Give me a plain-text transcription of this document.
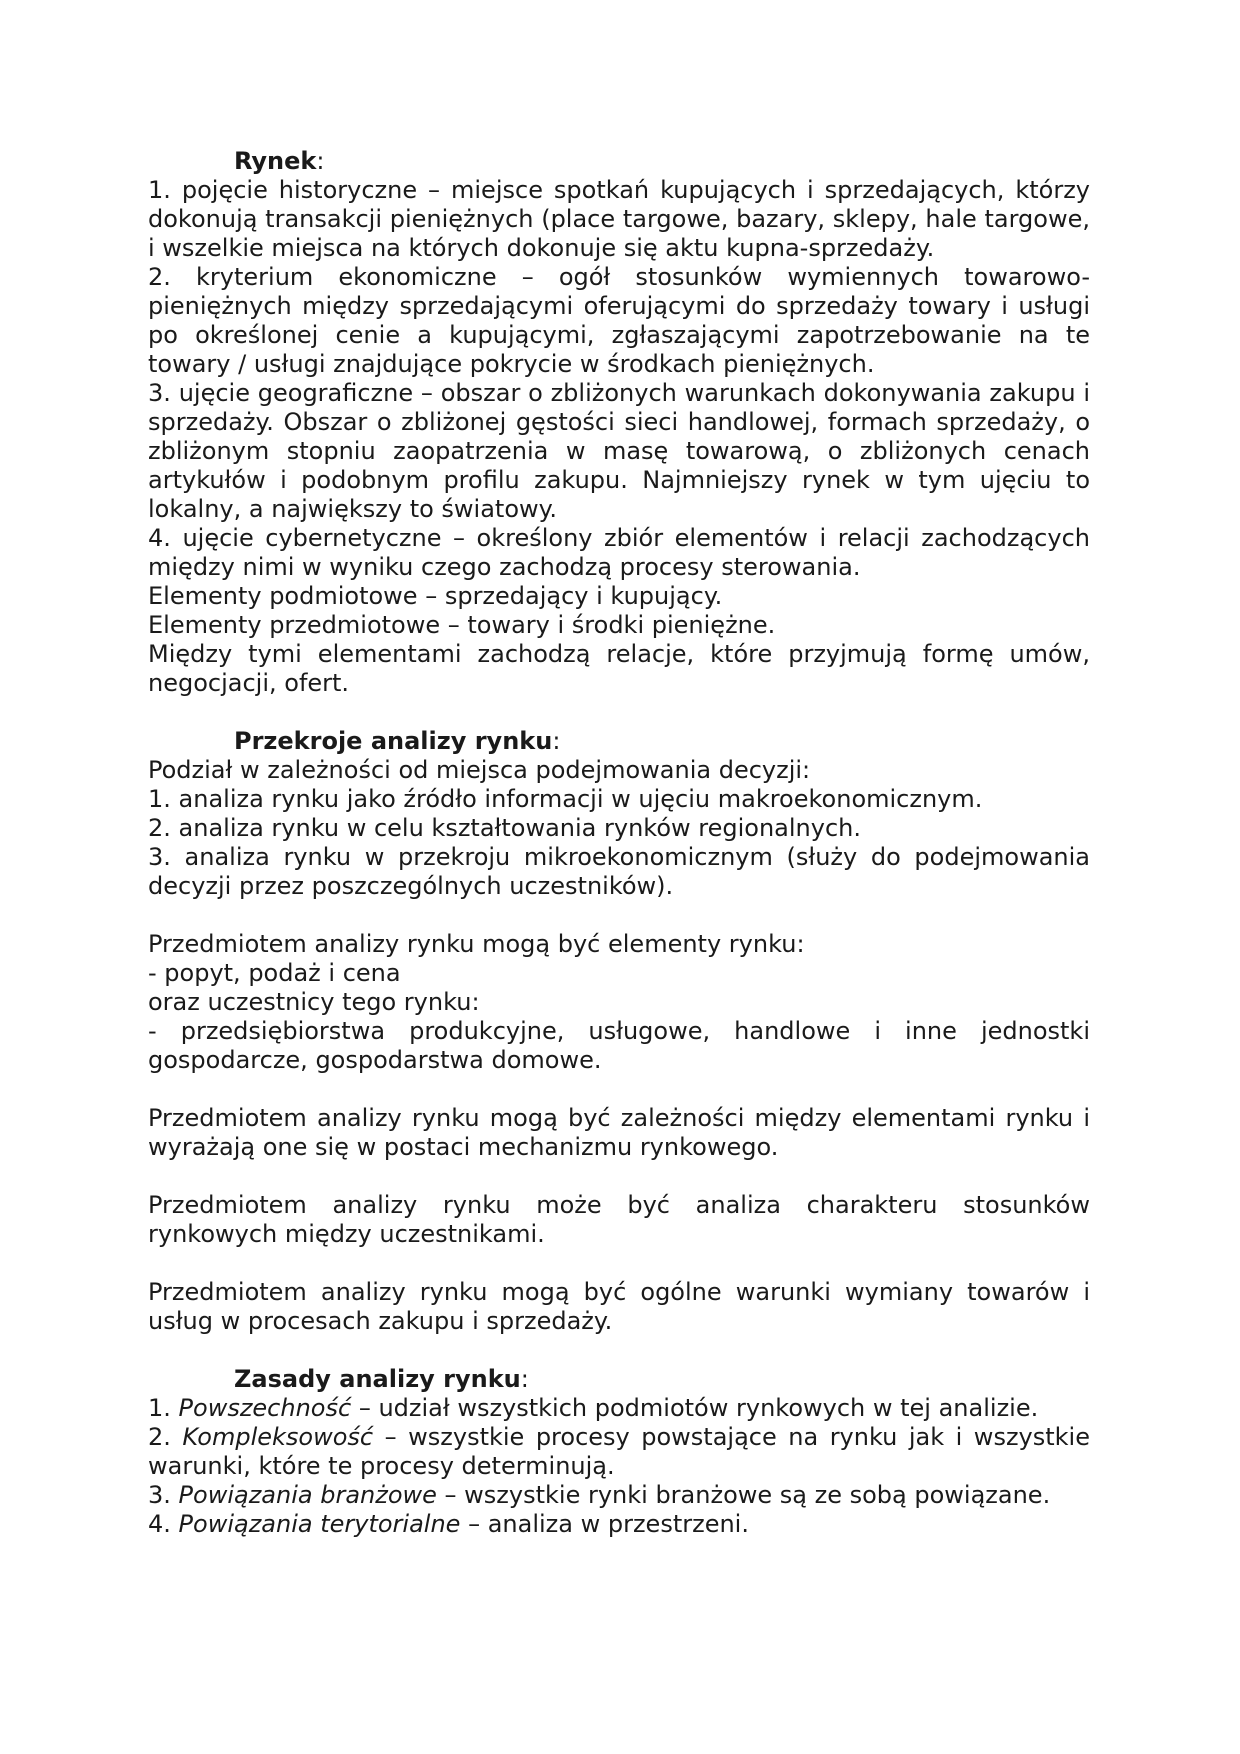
Rynek:

1. pojęcie historyczne – miejsce spotkań kupujących i sprzedających, którzy dokonują transakcji pieniężnych (place targowe, bazary, sklepy, hale targowe, i wszelkie miejsca na których dokonuje się aktu kupna-sprzedaży.

2. kryterium ekonomiczne – ogół stosunków wymiennych towarowo-pieniężnych między sprzedającymi oferującymi do sprzedaży towary i usługi po określonej cenie a kupującymi, zgłaszającymi zapotrzebowanie na te towary / usługi znajdujące pokrycie w środkach pieniężnych.

3. ujęcie geograficzne – obszar o zbliżonych warunkach dokonywania zakupu i sprzedaży. Obszar o zbliżonej gęstości sieci handlowej, formach sprzedaży, o zbliżonym stopniu zaopatrzenia w masę towarową, o zbliżonych cenach artykułów i podobnym profilu zakupu. Najmniejszy rynek w tym ujęciu to lokalny, a największy to światowy.

4. ujęcie cybernetyczne – określony zbiór elementów i relacji zachodzących między nimi w wyniku czego zachodzą procesy sterowania.

Elementy podmiotowe – sprzedający i kupujący.

Elementy przedmiotowe – towary i środki pieniężne.

Między tymi elementami zachodzą relacje, które przyjmują formę umów, negocjacji, ofert.

Przekroje analizy rynku:

Podział w zależności od miejsca podejmowania decyzji:

1. analiza rynku jako źródło informacji w ujęciu makroekonomicznym.

2. analiza rynku w celu kształtowania rynków regionalnych.

3. analiza rynku w przekroju mikroekonomicznym (służy do podejmowania decyzji przez poszczególnych uczestników).

Przedmiotem analizy rynku mogą być elementy rynku:

- popyt, podaż i cena

oraz uczestnicy tego rynku:

- przedsiębiorstwa produkcyjne, usługowe, handlowe i inne jednostki gospodarcze, gospodarstwa domowe.

Przedmiotem analizy rynku mogą być zależności między elementami rynku i wyrażają one się w postaci mechanizmu rynkowego.

Przedmiotem analizy rynku może być analiza charakteru stosunków rynkowych między uczestnikami.

Przedmiotem analizy rynku mogą być ogólne warunki wymiany towarów i usług w procesach zakupu i sprzedaży.

Zasady analizy rynku:

1. Powszechność – udział wszystkich podmiotów rynkowych w tej analizie.

2. Kompleksowość – wszystkie procesy powstające na rynku jak i wszystkie warunki, które te procesy determinują.

3. Powiązania branżowe – wszystkie rynki branżowe są ze sobą powiązane.

4. Powiązania terytorialne – analiza w przestrzeni.
